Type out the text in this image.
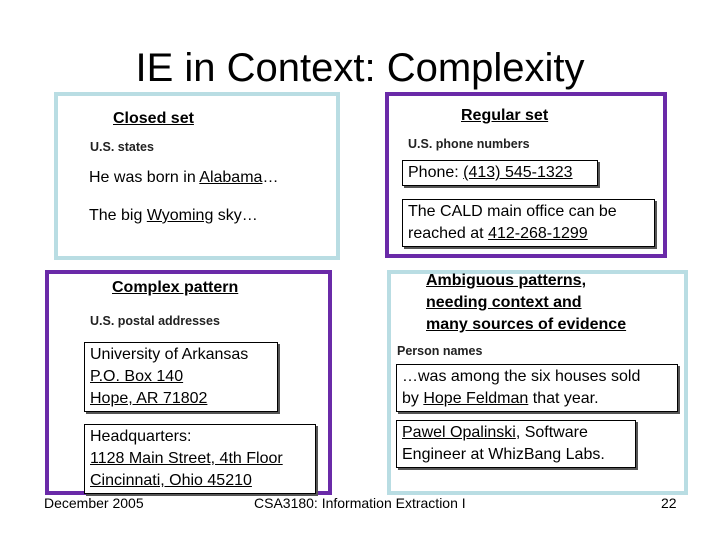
IE in Context: Complexity
Closed set
U.S. states
He was born in Alabama…
The big Wyoming sky…
Regular set
U.S. phone numbers
Phone: (413) 545-1323
The CALD main office can be
reached at 412-268-1299
Complex pattern
U.S. postal addresses
University of Arkansas
P.O. Box 140
Hope, AR 71802
Headquarters:
1128 Main Street, 4th Floor
Cincinnati, Ohio 45210
Ambiguous patterns,
needing context and
many sources of evidence
Person names
…was among the six houses sold
by Hope Feldman that year.
Pawel Opalinski, Software
Engineer at WhizBang Labs.
December 2005	CSA3180: Information Extraction I	22
